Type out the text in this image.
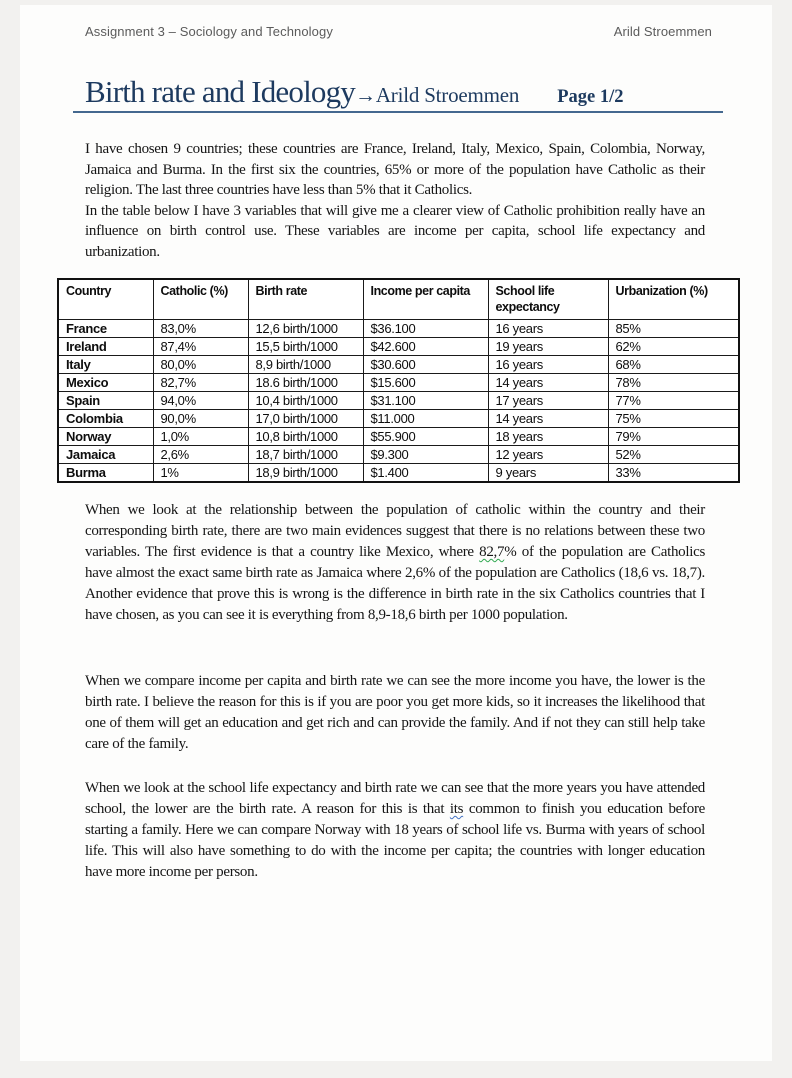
Assignment 3 – Sociology and Technology	Arild Stroemmen
Birth rate and Ideology → Arild Stroemmen Page 1/2

I have chosen 9 countries; these countries are France, Ireland, Italy, Mexico, Spain, Colombia, Norway, Jamaica and Burma. In the first six the countries, 65% or more of the population have Catholic as their religion. The last three countries have less than 5% that it Catholics.

In the table below I have 3 variables that will give me a clearer view of Catholic prohibition really have an influence on birth control use. These variables are income per capita, school life expectancy and urbanization.

Country	Catholic (%)	Birth rate	Income per capita	School life expectancy	Urbanization (%)
France	83,0%	12,6 birth/1000	$36.100	16 years	85%
Ireland	87,4%	15,5 birth/1000	$42.600	19 years	62%
Italy	80,0%	8,9 birth/1000	$30.600	16 years	68%
Mexico	82,7%	18.6 birth/1000	$15.600	14 years	78%
Spain	94,0%	10,4 birth/1000	$31.100	17 years	77%
Colombia	90,0%	17,0 birth/1000	$11.000	14 years	75%
Norway	1,0%	10,8 birth/1000	$55.900	18 years	79%
Jamaica	2,6%	18,7 birth/1000	$9.300	12 years	52%
Burma	1%	18,9 birth/1000	$1.400	9 years	33%

When we look at the relationship between the population of catholic within the country and their corresponding birth rate, there are two main evidences suggest that there is no relations between these two variables. The first evidence is that a country like Mexico, where 82,7% of the population are Catholics have almost the exact same birth rate as Jamaica where 2,6% of the population are Catholics (18,6 vs. 18,7). Another evidence that prove this is wrong is the difference in birth rate in the six Catholics countries that I have chosen, as you can see it is everything from 8,9-18,6 birth per 1000 population.

When we compare income per capita and birth rate we can see the more income you have, the lower is the birth rate. I believe the reason for this is if you are poor you get more kids, so it increases the likelihood that one of them will get an education and get rich and can provide the family. And if not they can still help take care of the family.

When we look at the school life expectancy and birth rate we can see that the more years you have attended school, the lower are the birth rate. A reason for this is that its common to finish you education before starting a family. Here we can compare Norway with 18 years of school life vs. Burma with years of school life. This will also have something to do with the income per capita; the countries with longer education have more income per person.
